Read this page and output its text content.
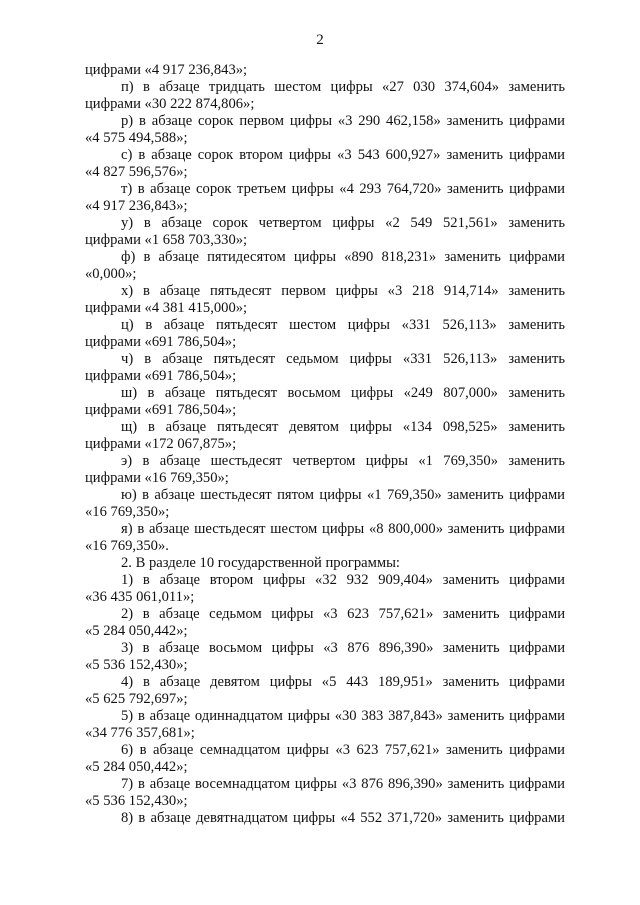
2
цифрами «4 917 236,843»;
п) в абзаце тридцать шестом цифры «27 030 374,604» заменить
цифрами «30 222 874,806»;
р) в абзаце сорок первом цифры «3 290 462,158» заменить цифрами
«4 575 494,588»;
с) в абзаце сорок втором цифры «3 543 600,927» заменить цифрами
«4 827 596,576»;
т) в абзаце сорок третьем цифры «4 293 764,720» заменить цифрами
«4 917 236,843»;
у) в абзаце сорок четвертом цифры «2 549 521,561» заменить
цифрами «1 658 703,330»;
ф) в абзаце пятидесятом цифры «890 818,231» заменить цифрами
«0,000»;
х) в абзаце пятьдесят первом цифры «3 218 914,714» заменить
цифрами «4 381 415,000»;
ц) в абзаце пятьдесят шестом цифры «331 526,113» заменить
цифрами «691 786,504»;
ч) в абзаце пятьдесят седьмом цифры «331 526,113» заменить
цифрами «691 786,504»;
ш) в абзаце пятьдесят восьмом цифры «249 807,000» заменить
цифрами «691 786,504»;
щ) в абзаце пятьдесят девятом цифры «134 098,525» заменить
цифрами «172 067,875»;
э) в абзаце шестьдесят четвертом цифры «1 769,350» заменить
цифрами «16 769,350»;
ю) в абзаце шестьдесят пятом цифры «1 769,350» заменить цифрами
«16 769,350»;
я) в абзаце шестьдесят шестом цифры «8 800,000» заменить цифрами
«16 769,350».
2. В разделе 10 государственной программы:
1) в абзаце втором цифры «32 932 909,404» заменить цифрами
«36 435 061,011»;
2) в абзаце седьмом цифры «3 623 757,621» заменить цифрами
«5 284 050,442»;
3) в абзаце восьмом цифры «3 876 896,390» заменить цифрами
«5 536 152,430»;
4) в абзаце девятом цифры «5 443 189,951» заменить цифрами
«5 625 792,697»;
5) в абзаце одиннадцатом цифры «30 383 387,843» заменить цифрами
«34 776 357,681»;
6) в абзаце семнадцатом цифры «3 623 757,621» заменить цифрами
«5 284 050,442»;
7) в абзаце восемнадцатом цифры «3 876 896,390» заменить цифрами
«5 536 152,430»;
8) в абзаце девятнадцатом цифры «4 552 371,720» заменить цифрами
